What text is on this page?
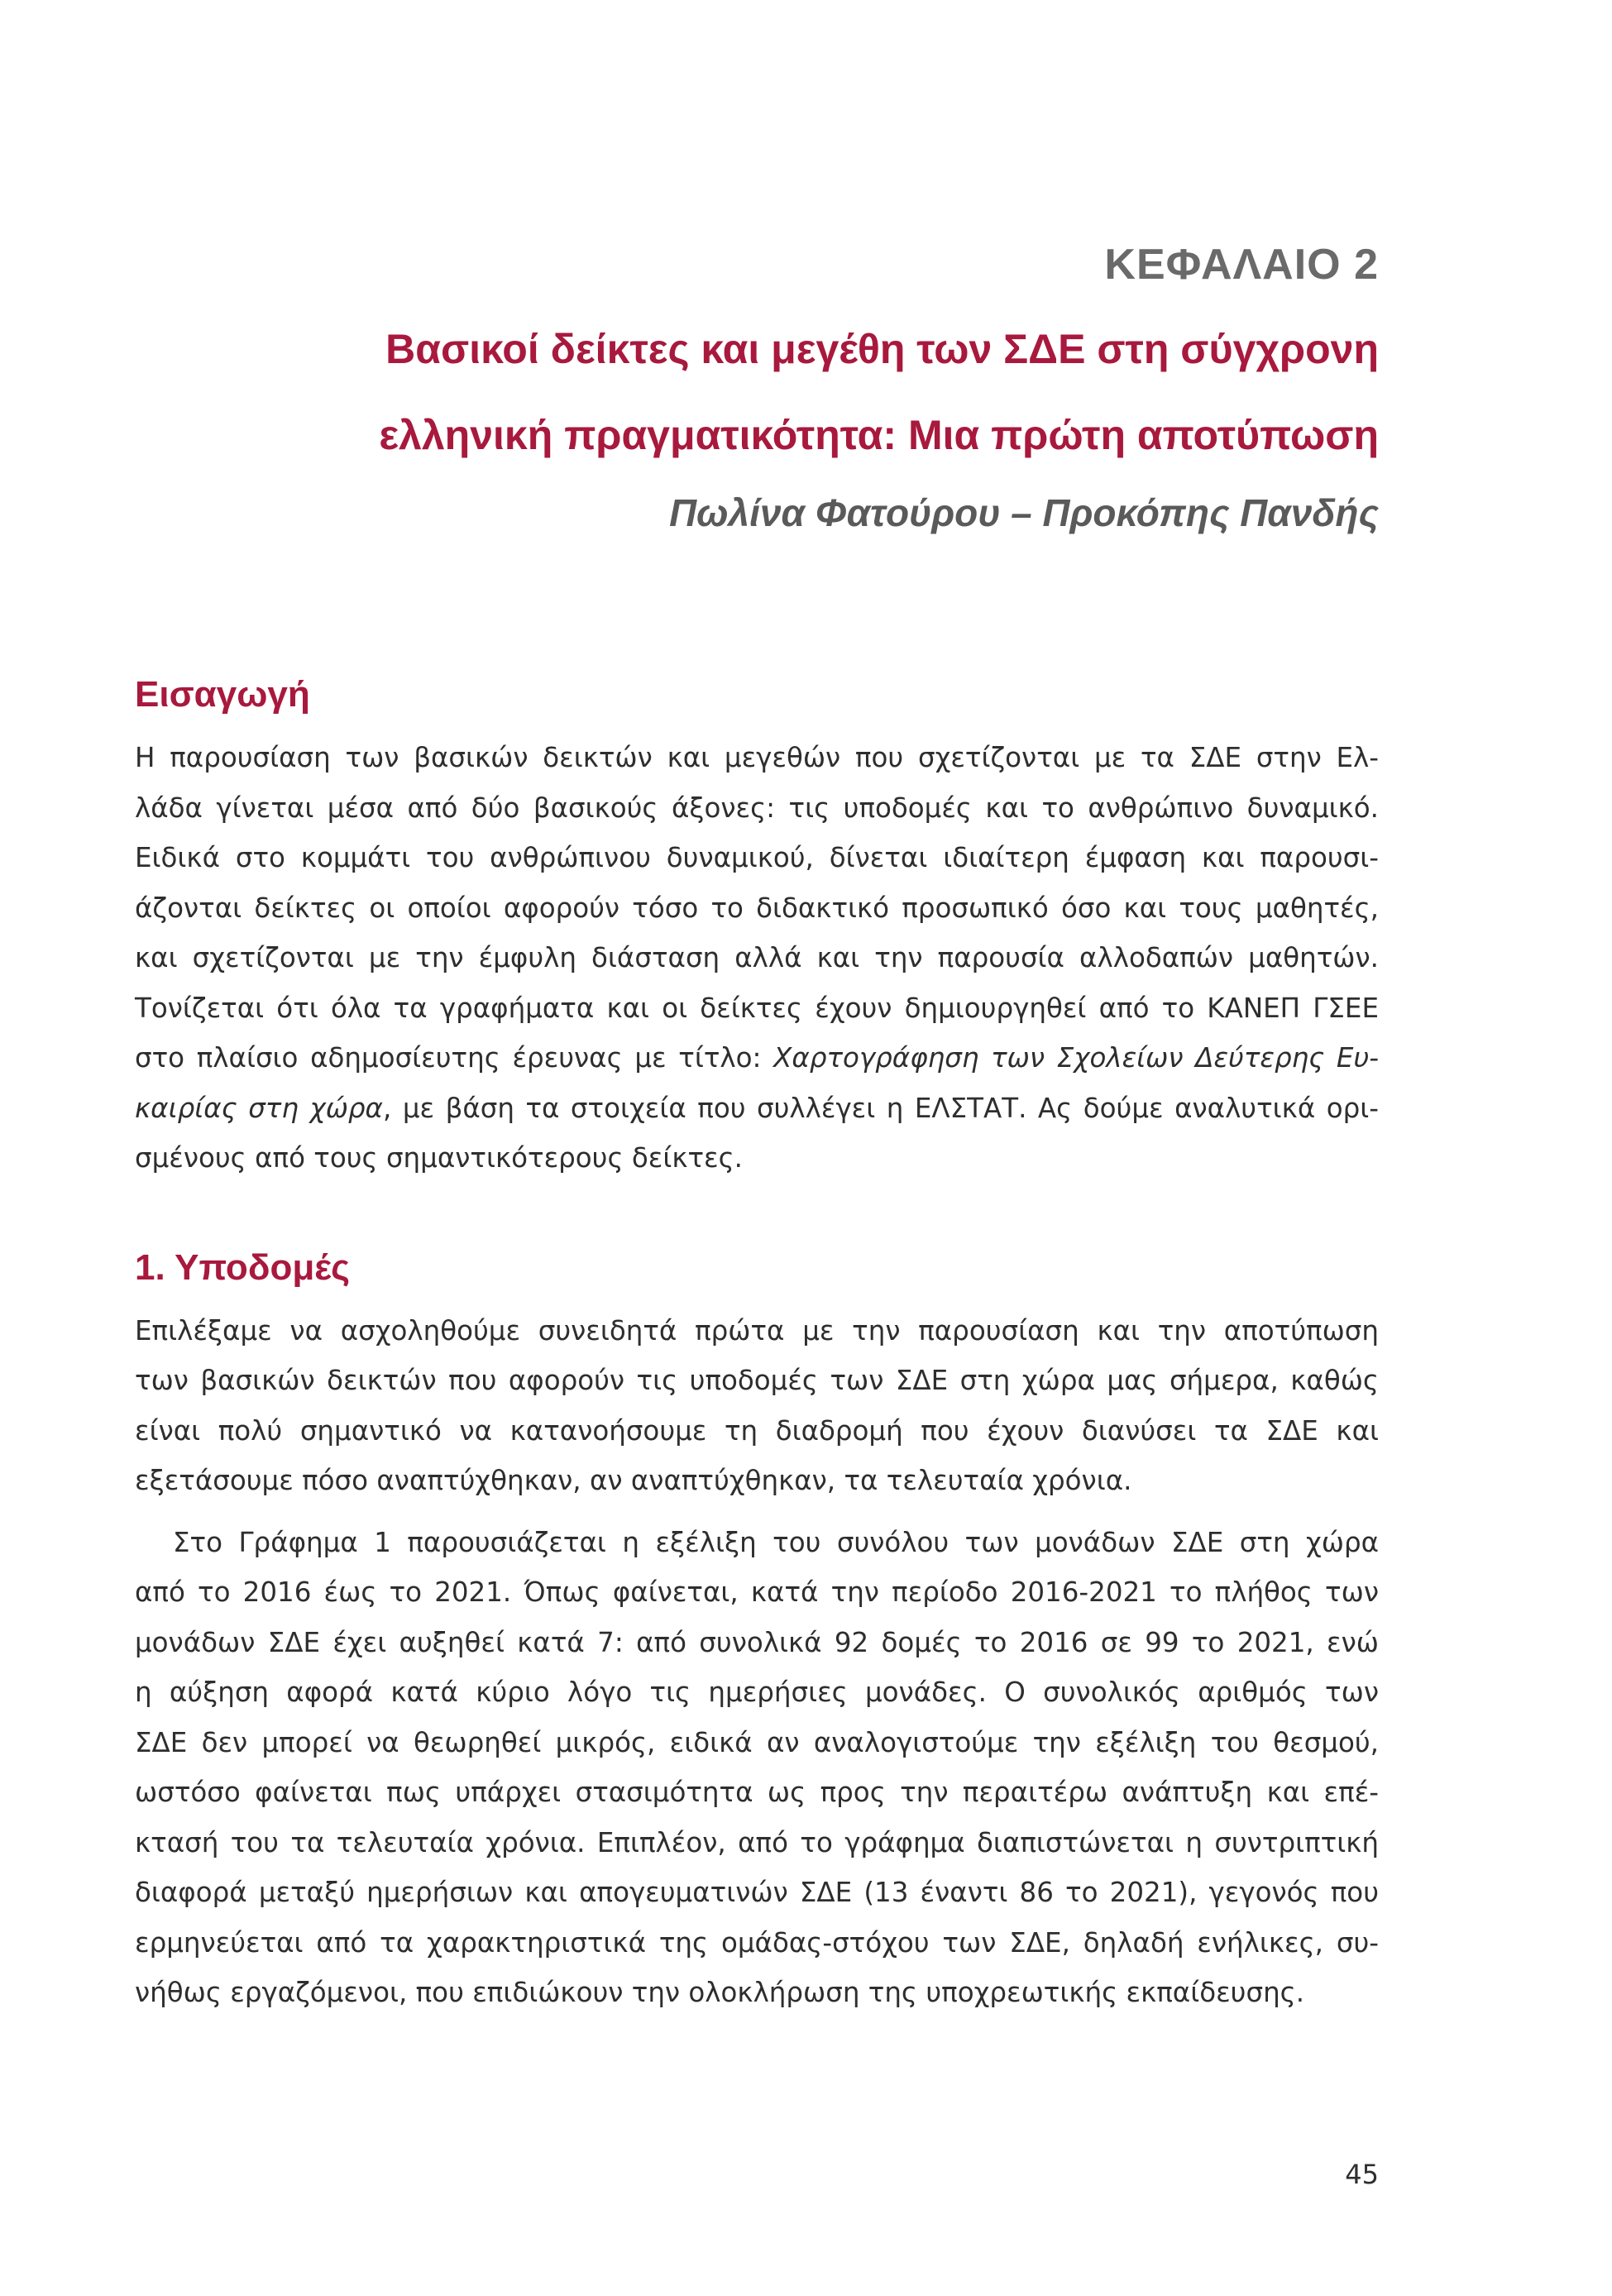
ΚΕΦΑΛΑΙΟ 2
Βασικοί δείκτες και μεγέθη των ΣΔΕ στη σύγχρονη
ελληνική πραγματικότητα: Μια πρώτη αποτύπωση
Πωλίνα Φατούρου – Προκόπης Πανδής
Εισαγωγή

Η παρουσίαση των βασικών δεικτών και μεγεθών που σχετίζονται με τα ΣΔΕ στην Ελ-
λάδα γίνεται μέσα από δύο βασικούς άξονες: τις υποδομές και το ανθρώπινο δυναμικό.
Ειδικά στο κομμάτι του ανθρώπινου δυναμικού, δίνεται ιδιαίτερη έμφαση και παρουσι-
άζονται δείκτες οι οποίοι αφορούν τόσο το διδακτικό προσωπικό όσο και τους μαθητές,
και σχετίζονται με την έμφυλη διάσταση αλλά και την παρουσία αλλοδαπών μαθητών.
Τονίζεται ότι όλα τα γραφήματα και οι δείκτες έχουν δημιουργηθεί από το ΚΑΝΕΠ ΓΣΕΕ
στο πλαίσιο αδημοσίευτης έρευνας με τίτλο: Χαρτογράφηση των Σχολείων Δεύτερης Ευ-
καιρίας στη χώρα, με βάση τα στοιχεία που συλλέγει η ΕΛΣΤΑΤ. Ας δούμε αναλυτικά ορι-
σμένους από τους σημαντικότερους δείκτες.

1. Υποδομές

Επιλέξαμε να ασχοληθούμε συνειδητά πρώτα με την παρουσίαση και την αποτύπωση
των βασικών δεικτών που αφορούν τις υποδομές των ΣΔΕ στη χώρα μας σήμερα, καθώς
είναι πολύ σημαντικό να κατανοήσουμε τη διαδρομή που έχουν διανύσει τα ΣΔΕ και
εξετάσουμε πόσο αναπτύχθηκαν, αν αναπτύχθηκαν, τα τελευταία χρόνια.

Στο Γράφημα 1 παρουσιάζεται η εξέλιξη του συνόλου των μονάδων ΣΔΕ στη χώρα
από το 2016 έως το 2021. Όπως φαίνεται, κατά την περίοδο 2016-2021 το πλήθος των
μονάδων ΣΔΕ έχει αυξηθεί κατά 7: από συνολικά 92 δομές το 2016 σε 99 το 2021, ενώ
η αύξηση αφορά κατά κύριο λόγο τις ημερήσιες μονάδες. Ο συνολικός αριθμός των
ΣΔΕ δεν μπορεί να θεωρηθεί μικρός, ειδικά αν αναλογιστούμε την εξέλιξη του θεσμού,
ωστόσο φαίνεται πως υπάρχει στασιμότητα ως προς την περαιτέρω ανάπτυξη και επέ-
κτασή του τα τελευταία χρόνια. Επιπλέον, από το γράφημα διαπιστώνεται η συντριπτική
διαφορά μεταξύ ημερήσιων και απογευματινών ΣΔΕ (13 έναντι 86 το 2021), γεγονός που
ερμηνεύεται από τα χαρακτηριστικά της ομάδας-στόχου των ΣΔΕ, δηλαδή ενήλικες, συ-
νήθως εργαζόμενοι, που επιδιώκουν την ολοκλήρωση της υποχρεωτικής εκπαίδευσης.

45
